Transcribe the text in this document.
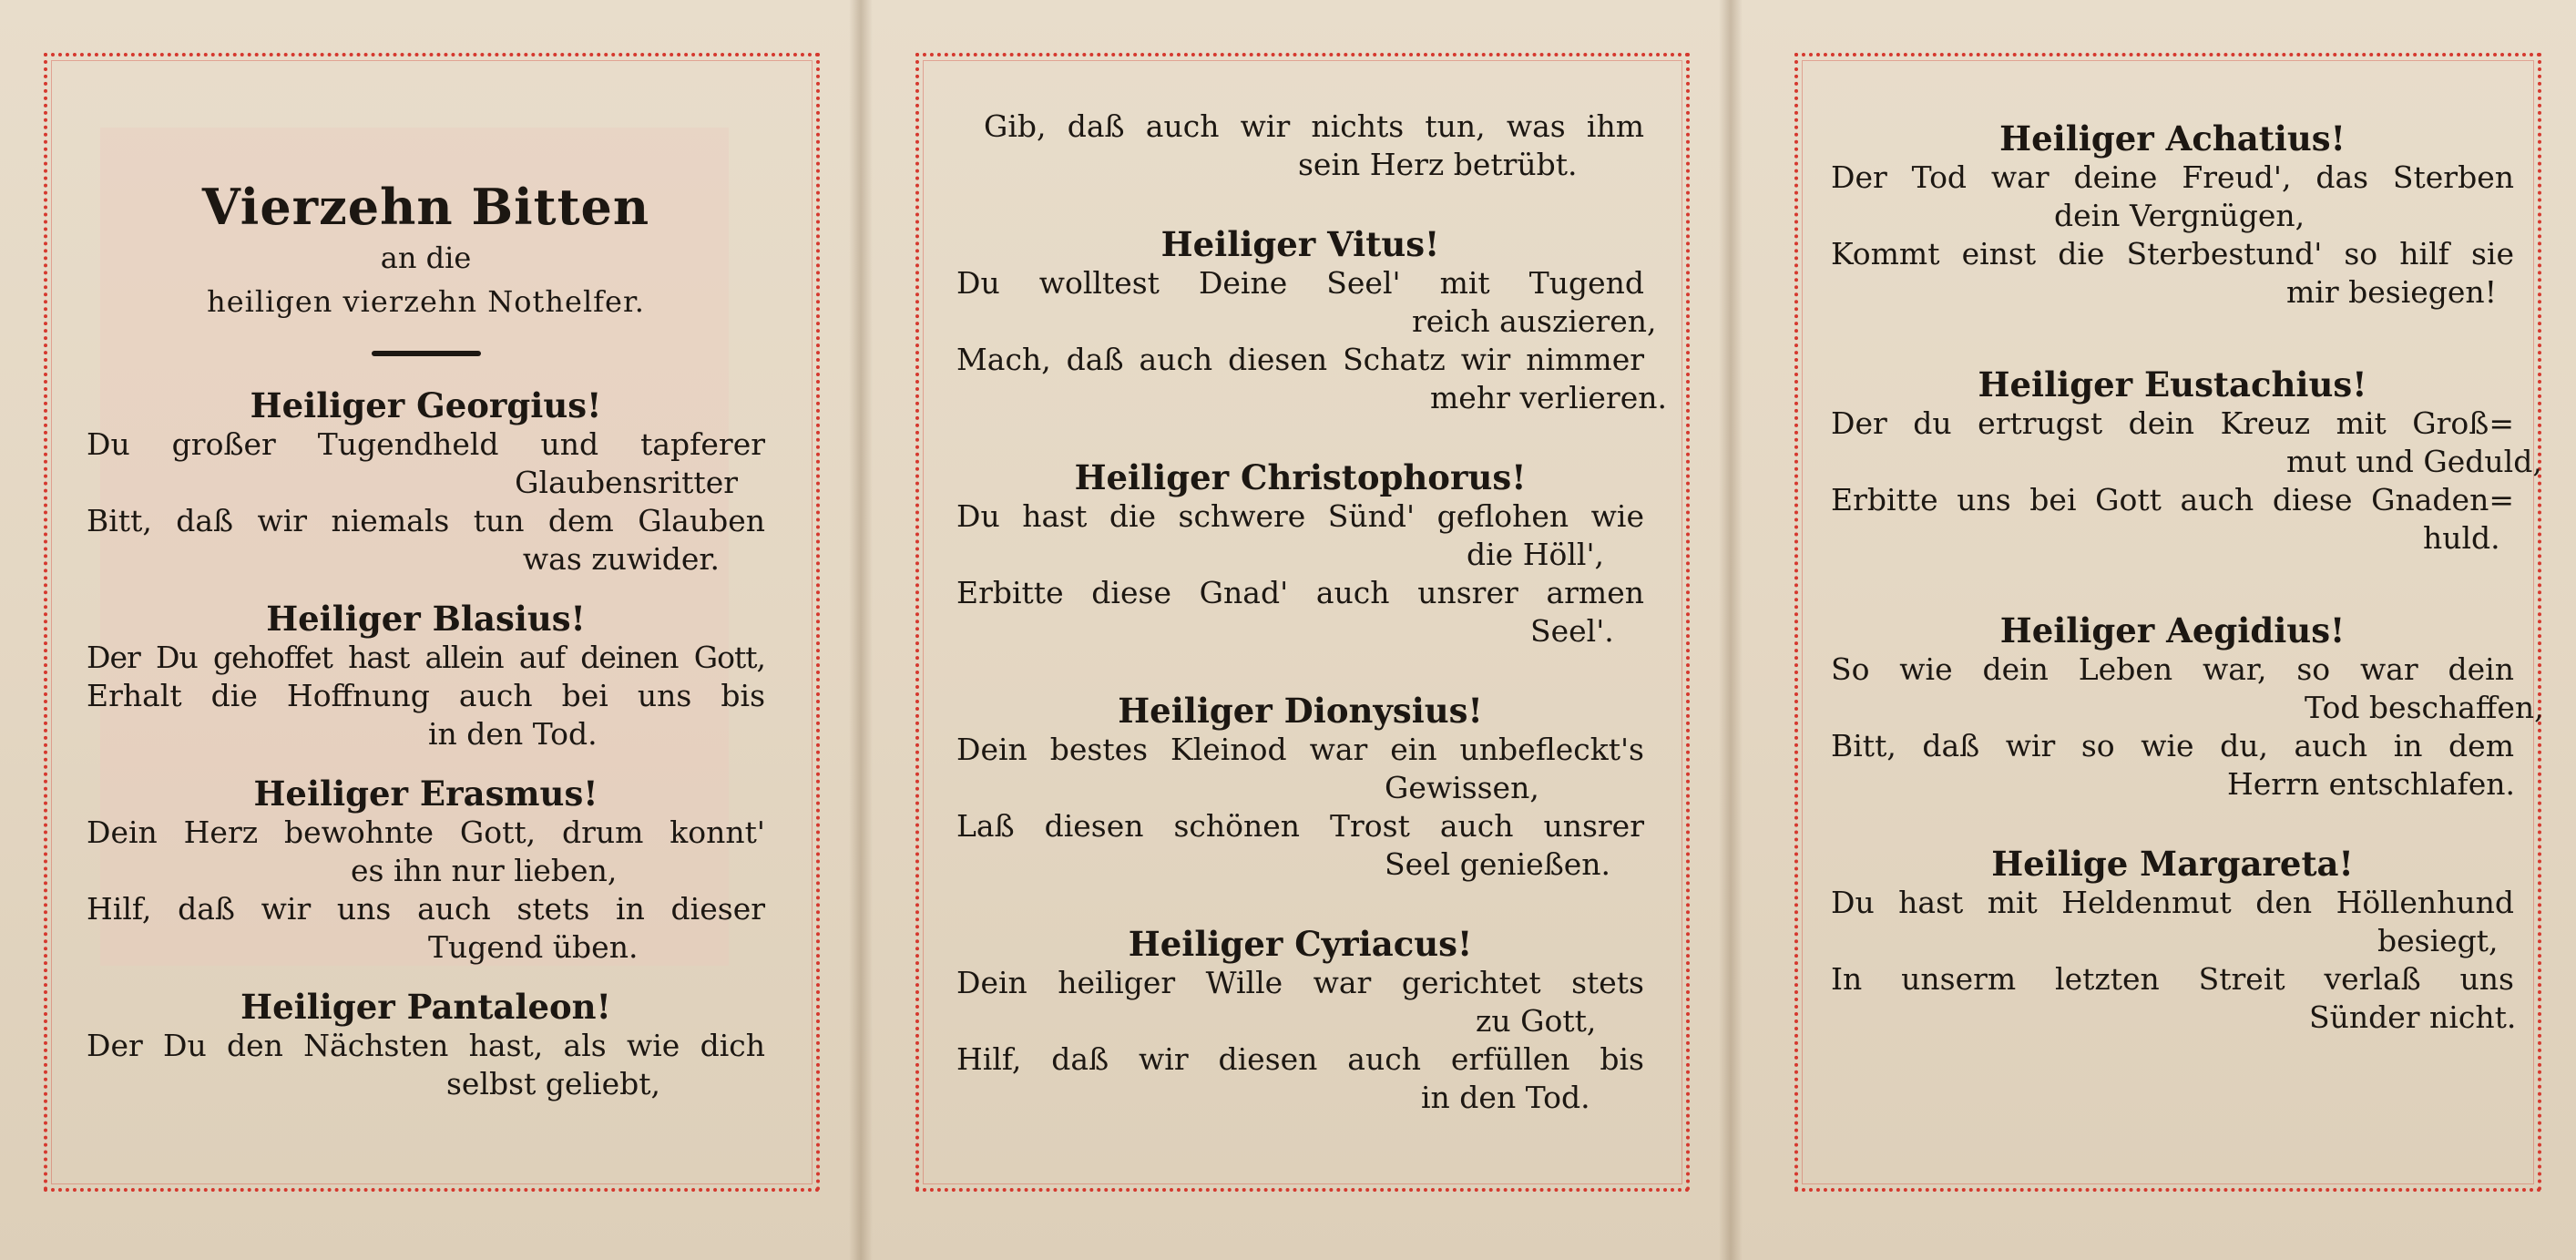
Vierzehn Bitten
an die
heiligen vierzehn Nothelfer.
Heiliger Georgius!
Du großer Tugendheld und tapferer
Glaubensritter
Bitt, daß wir niemals tun dem Glauben
was zuwider.
Heiliger Blasius!
Der Du gehoffet hast allein auf deinen Gott,
Erhalt die Hoffnung auch bei uns bis
in den Tod.
Heiliger Erasmus!
Dein Herz bewohnte Gott, drum konnt'
es ihn nur lieben,
Hilf, daß wir uns auch stets in dieser
Tugend üben.
Heiliger Pantaleon!
Der Du den Nächsten hast, als wie dich
selbst geliebt,
Gib, daß auch wir nichts tun, was ihm
sein Herz betrübt.
Heiliger Vitus!
Du wolltest Deine Seel' mit Tugend
reich auszieren,
Mach, daß auch diesen Schatz wir nimmer
mehr verlieren.
Heiliger Christophorus!
Du hast die schwere Sünd' geflohen wie
die Höll',
Erbitte diese Gnad' auch unsrer armen
Seel'.
Heiliger Dionysius!
Dein bestes Kleinod war ein unbefleckt's
Gewissen,
Laß diesen schönen Trost auch unsrer
Seel genießen.
Heiliger Cyriacus!
Dein heiliger Wille war gerichtet stets
zu Gott,
Hilf, daß wir diesen auch erfüllen bis
in den Tod.
Heiliger Achatius!
Der Tod war deine Freud', das Sterben
dein Vergnügen,
Kommt einst die Sterbestund' so hilf sie
mir besiegen!
Heiliger Eustachius!
Der du ertrugst dein Kreuz mit Groß=
mut und Geduld,
Erbitte uns bei Gott auch diese Gnaden=
huld.
Heiliger Aegidius!
So wie dein Leben war, so war dein
Tod beschaffen,
Bitt, daß wir so wie du, auch in dem
Herrn entschlafen.
Heilige Margareta!
Du hast mit Heldenmut den Höllenhund
besiegt,
In unserm letzten Streit verlaß uns
Sünder nicht.
